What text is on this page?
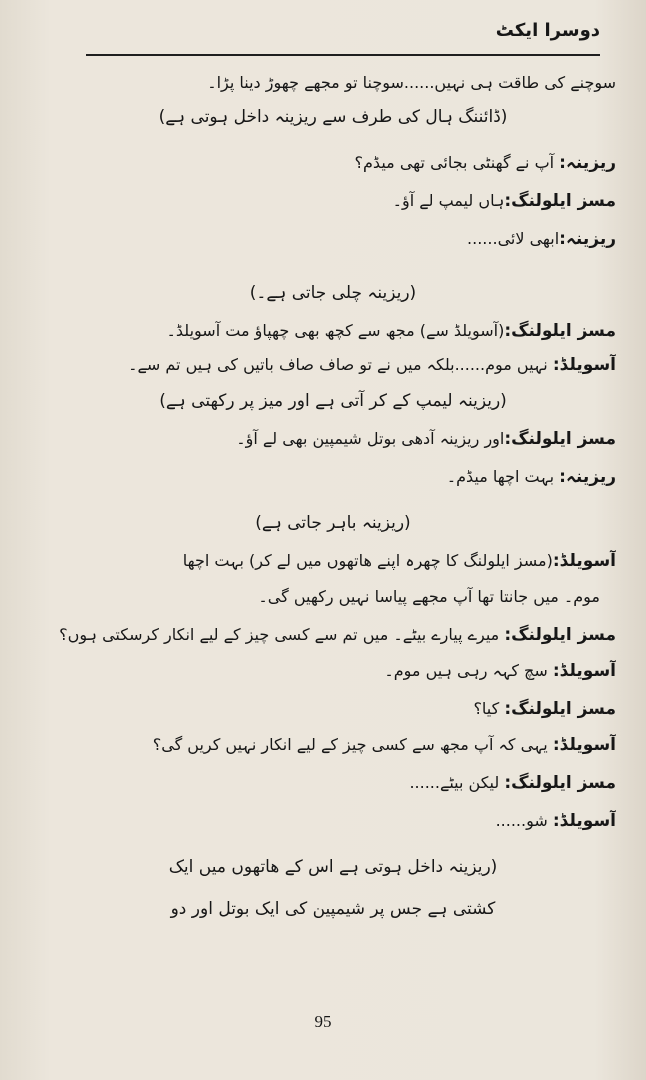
دوسرا ایکٹ
سوچنے کی طاقت ہی نہیں......سوچنا تو مجھے چھوڑ دینا پڑا۔
(ڈائننگ ہال کی طرف سے ریزینہ داخل ہوتی ہے)
ریزینہ: آپ نے گھنٹی بجائی تھی میڈم؟
مسز ایلولنگ:ہاں لیمپ لے آؤ۔
ریزینہ:ابھی لائی......
(ریزینہ چلی جاتی ہے۔)
مسز ایلولنگ:(آسویلڈ سے) مجھ سے کچھ بھی چھپاؤ مت آسویلڈ۔
آسویلڈ: نہیں موم......بلکہ میں نے تو صاف صاف باتیں کی ہیں تم سے۔
(ریزینہ لیمپ کے کر آتی ہے اور میز پر رکھتی ہے)
مسز ایلولنگ:اور ریزینہ آدھی بوتل شیمپین بھی لے آؤ۔
ریزینہ: بہت اچھا میڈم۔
(ریزینہ باہر جاتی ہے)
آسویلڈ:(مسز ایلولنگ کا چھرہ اپنے ھاتھوں میں لے کر) بہت اچھا
موم۔ میں جانتا تھا آپ مجھے پیاسا نہیں رکھیں گی۔
مسز ایلولنگ: میرے پیارے بیٹے۔ میں تم سے کسی چیز کے لیے انکار کرسکتی ہوں؟
آسویلڈ: سچ کہہ رہی ہیں موم۔
مسز ایلولنگ: کیا؟
آسویلڈ: یہی کہ آپ مجھ سے کسی چیز کے لیے انکار نہیں کریں گی؟
مسز ایلولنگ: لیکن بیٹے......
آسویلڈ: شو......
(ریزینہ داخل ہوتی ہے اس کے ھاتھوں میں ایک
کشتی ہے جس پر شیمپین کی ایک بوتل اور دو
95
